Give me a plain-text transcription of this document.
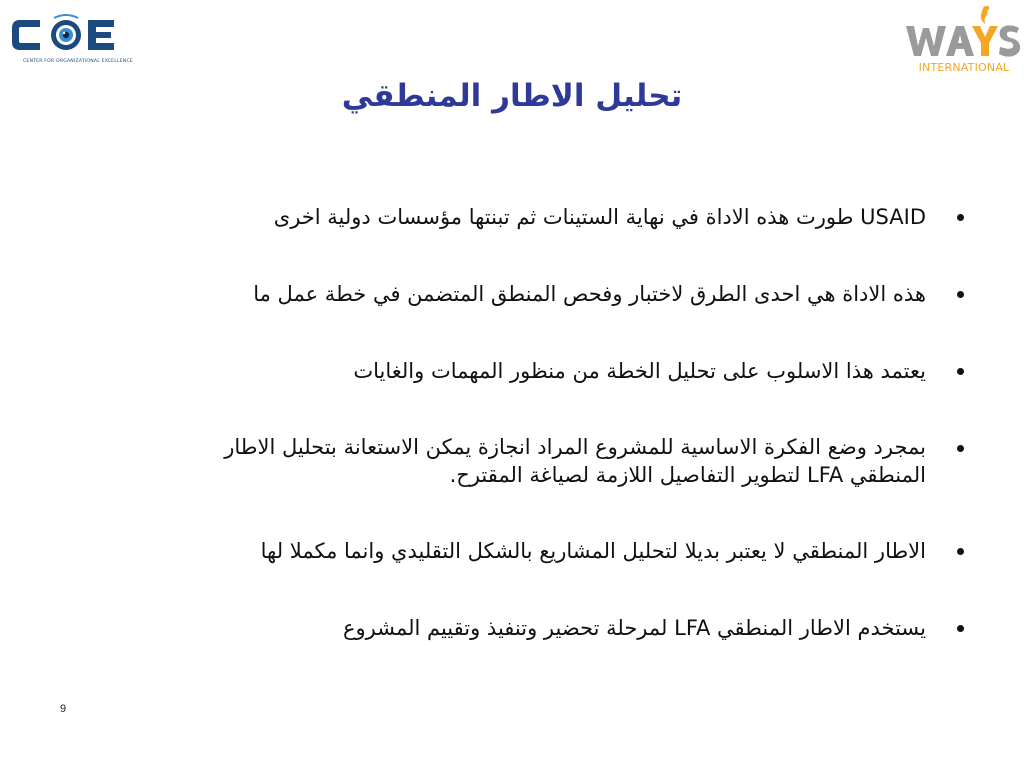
CENTER FOR ORGANIZATIONAL EXCELLENCE	INTERNATIONAL
تحليل الاطار المنطقي
USAID طورت هذه الاداة في نهاية الستينات ثم تبنتها مؤسسات دولية اخرى
هذه الاداة هي احدى الطرق لاختبار وفحص المنطق المتضمن في خطة عمل ما
يعتمد هذا الاسلوب على تحليل الخطة من منظور المهمات والغايات
بمجرد وضع الفكرة الاساسية للمشروع المراد انجازة يمكن الاستعانة بتحليل الاطار
المنطقي LFA لتطوير التفاصيل اللازمة لصياغة المقترح.
الاطار المنطقي لا يعتبر بديلا لتحليل المشاريع بالشكل التقليدي وانما مكملا لها
يستخدم الاطار المنطقي LFA لمرحلة تحضير وتنفيذ وتقييم المشروع
9
